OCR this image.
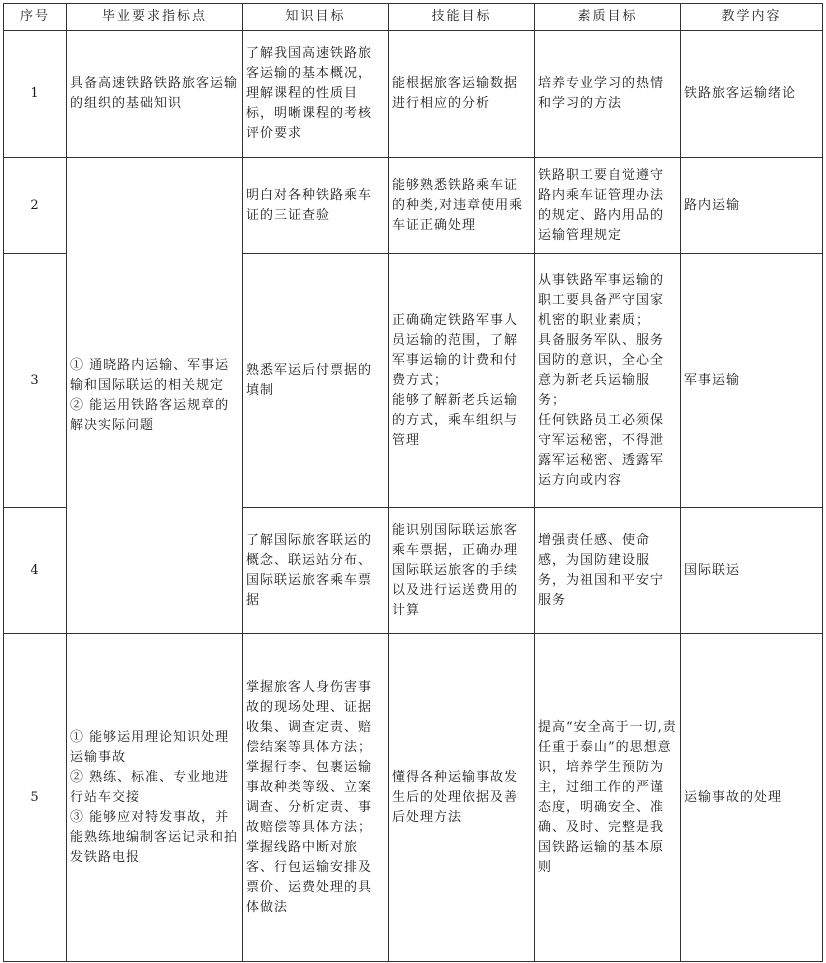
序号	毕业要求指标点	知识目标	技能目标	素质目标	教学内容
1	具备高速铁路铁路旅客运输的组织的基础知识	了解我国高速铁路旅客运输的基本概况，理解课程的性质目标，明晰课程的考核评价要求	能根据旅客运输数据进行相应的分析	培养专业学习的热情和学习的方法	铁路旅客运输绪论
2	① 通晓路内运输、军事运输和国际联运的相关规定
② 能运用铁路客运规章的解决实际问题	明白对各种铁路乘车证的三证查验	能够熟悉铁路乘车证的种类,对违章使用乘车证正确处理	铁路职工要自觉遵守路内乘车证管理办法的规定、路内用品的运输管理规定	路内运输
3		熟悉军运后付票据的填制	正确确定铁路军事人员运输的范围，了解军事运输的计费和付费方式；
能够了解新老兵运输的方式，乘车组织与管理	从事铁路军事运输的职工要具备严守国家机密的职业素质；
具备服务军队、服务国防的意识，全心全意为新老兵运输服务；
任何铁路员工必须保守军运秘密，不得泄露军运秘密、透露军运方向或内容	军事运输
4		了解国际旅客联运的概念、联运站分布、国际联运旅客乘车票据	能识别国际联运旅客乘车票据，正确办理国际联运旅客的手续以及进行运送费用的计算	增强责任感、使命感，为国防建设服务，为祖国和平安宁服务	国际联运
5	① 能够运用理论知识处理运输事故
② 熟练、标准、专业地进行站车交接
③ 能够应对特发事故，并能熟练地编制客运记录和拍发铁路电报	掌握旅客人身伤害事故的现场处理、证据收集、调查定责、赔偿结案等具体方法；
掌握行李、包裹运输事故种类等级、立案调查、分析定责、事故赔偿等具体方法；
掌握线路中断对旅客、行包运输安排及票价、运费处理的具体做法	懂得各种运输事故发生后的处理依据及善后处理方法	提高“安全高于一切,责任重于泰山”的思想意识，培养学生预防为主，过细工作的严谨态度，明确安全、准确、及时、完整是我国铁路运输的基本原则	运输事故的处理
